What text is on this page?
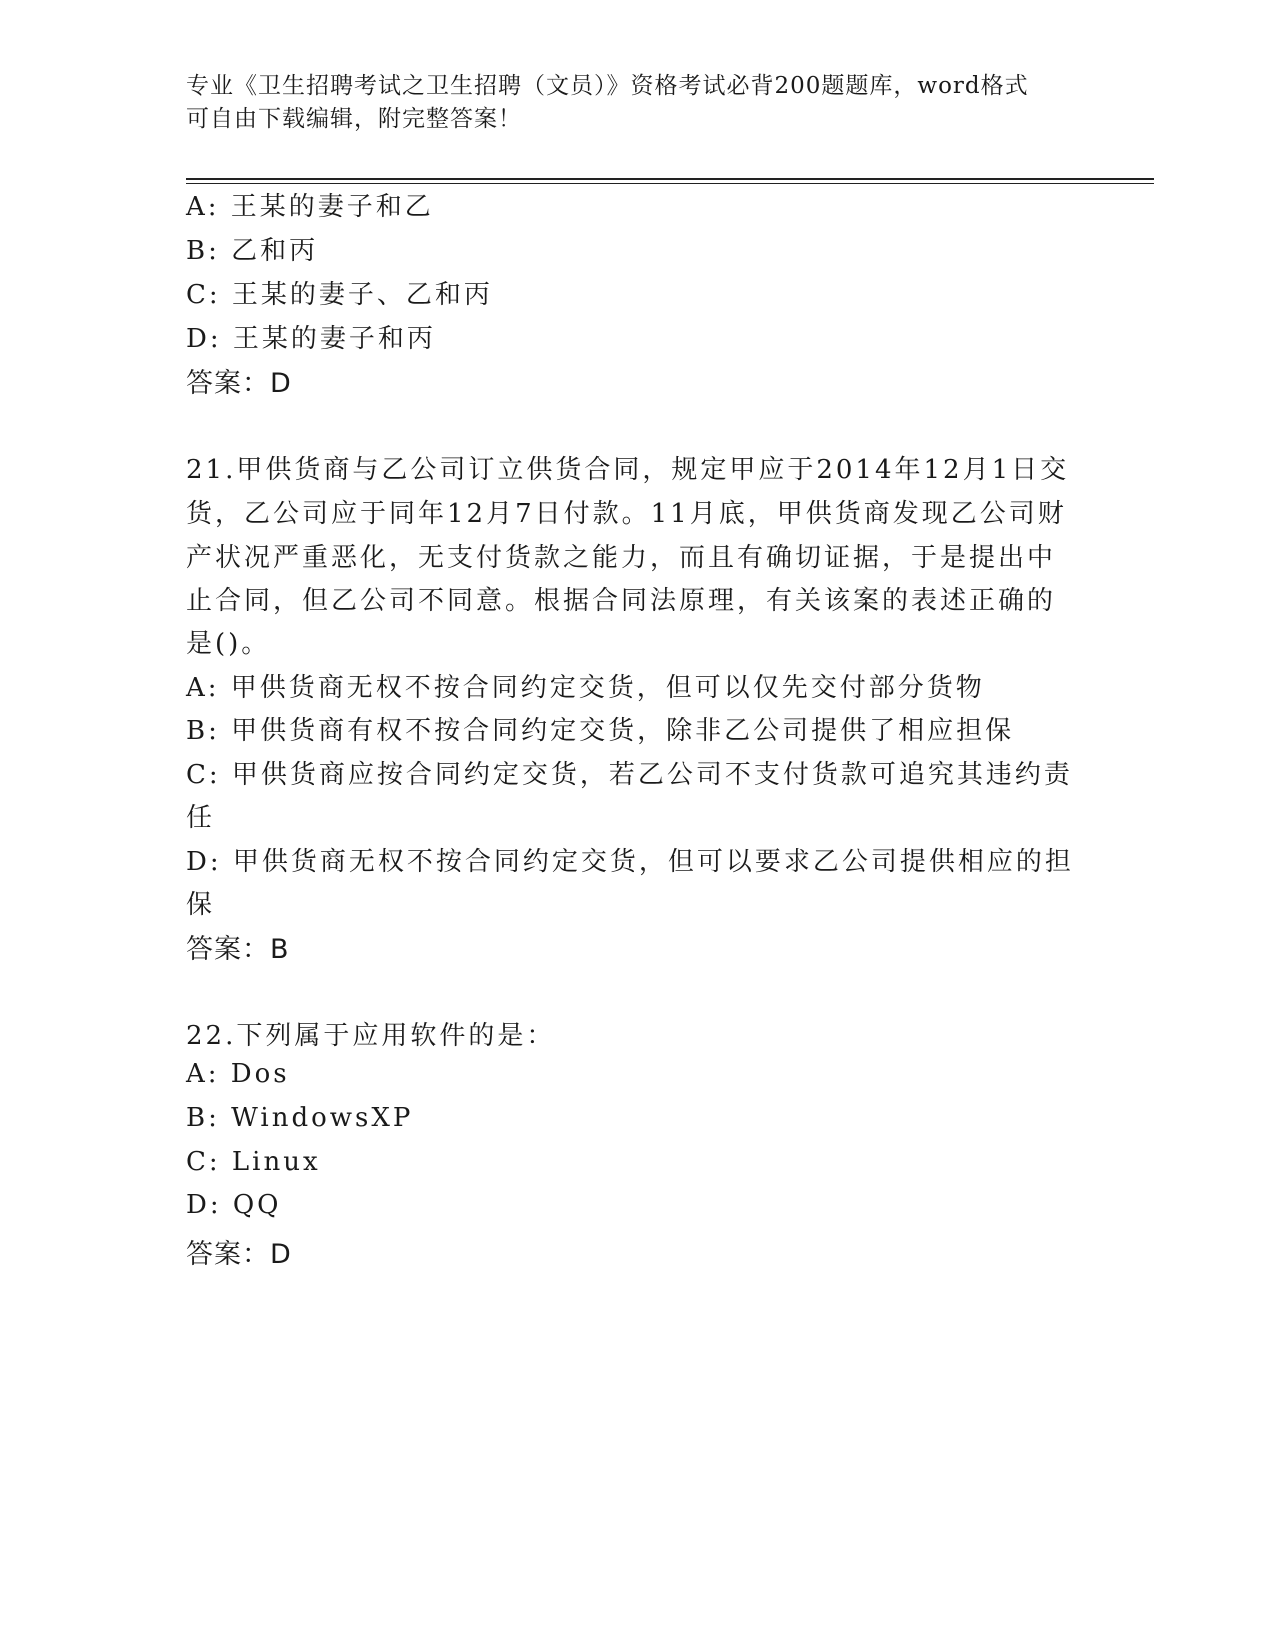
专业《卫生招聘考试之卫生招聘（文员）》资格考试必背200题题库，word格式
可自由下载编辑，附完整答案！
A: 王某的妻子和乙
B: 乙和丙
C: 王某的妻子、乙和丙
D: 王某的妻子和丙
答案：D
21.甲供货商与乙公司订立供货合同，规定甲应于2014年12月1日交
货，乙公司应于同年12月7日付款。11月底，甲供货商发现乙公司财
产状况严重恶化，无支付货款之能力，而且有确切证据，于是提出中
止合同，但乙公司不同意。根据合同法原理，有关该案的表述正确的
是()。
A: 甲供货商无权不按合同约定交货，但可以仅先交付部分货物
B: 甲供货商有权不按合同约定交货，除非乙公司提供了相应担保
C: 甲供货商应按合同约定交货，若乙公司不支付货款可追究其违约责
任
D: 甲供货商无权不按合同约定交货，但可以要求乙公司提供相应的担
保
答案：B
22.下列属于应用软件的是：
A: Dos
B: WindowsXP
C: Linux
D: QQ
答案：D
